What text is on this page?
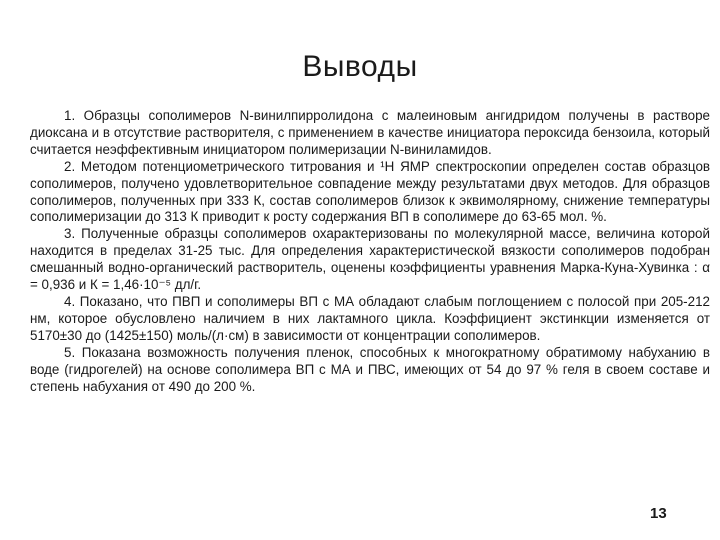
Выводы

1. Образцы сополимеров N-винилпирролидона с малеиновым ангидридом получены в растворе диоксана и в отсутствие растворителя, с применением в качестве инициатора пероксида бензоила, который считается неэффективным инициатором полимеризации N-виниламидов.

2. Методом потенциометрического титрования и ¹Н ЯМР спектроскопии определен состав образцов сополимеров, получено удовлетворительное совпадение между результатами двух методов. Для образцов сополимеров, полученных при 333 К, состав сополимеров близок к эквимолярному, снижение температуры сополимеризации до 313 К приводит к росту содержания ВП в сополимере до 63-65 мол. %.

3. Полученные образцы сополимеров охарактеризованы по молекулярной массе, величина которой находится в пределах 31-25 тыс. Для определения характеристической вязкости сополимеров подобран смешанный водно-органический растворитель, оценены коэффициенты уравнения Марка-Куна-Хувинка : α = 0,936 и К = 1,46·10⁻⁵ дл/г.

4. Показано, что ПВП и сополимеры ВП с МА обладают слабым поглощением с полосой при 205-212 нм, которое обусловлено наличием в них лактамного цикла. Коэффициент экстинкции изменяется от 5170±30 до (1425±150) моль/(л·см) в зависимости от концентрации сополимеров.

5. Показана возможность получения пленок, способных к многократному обратимому набуханию в воде (гидрогелей) на основе сополимера ВП с МА и ПВС, имеющих от 54 до 97 % геля в своем составе и степень набухания от 490 до 200 %.

13
